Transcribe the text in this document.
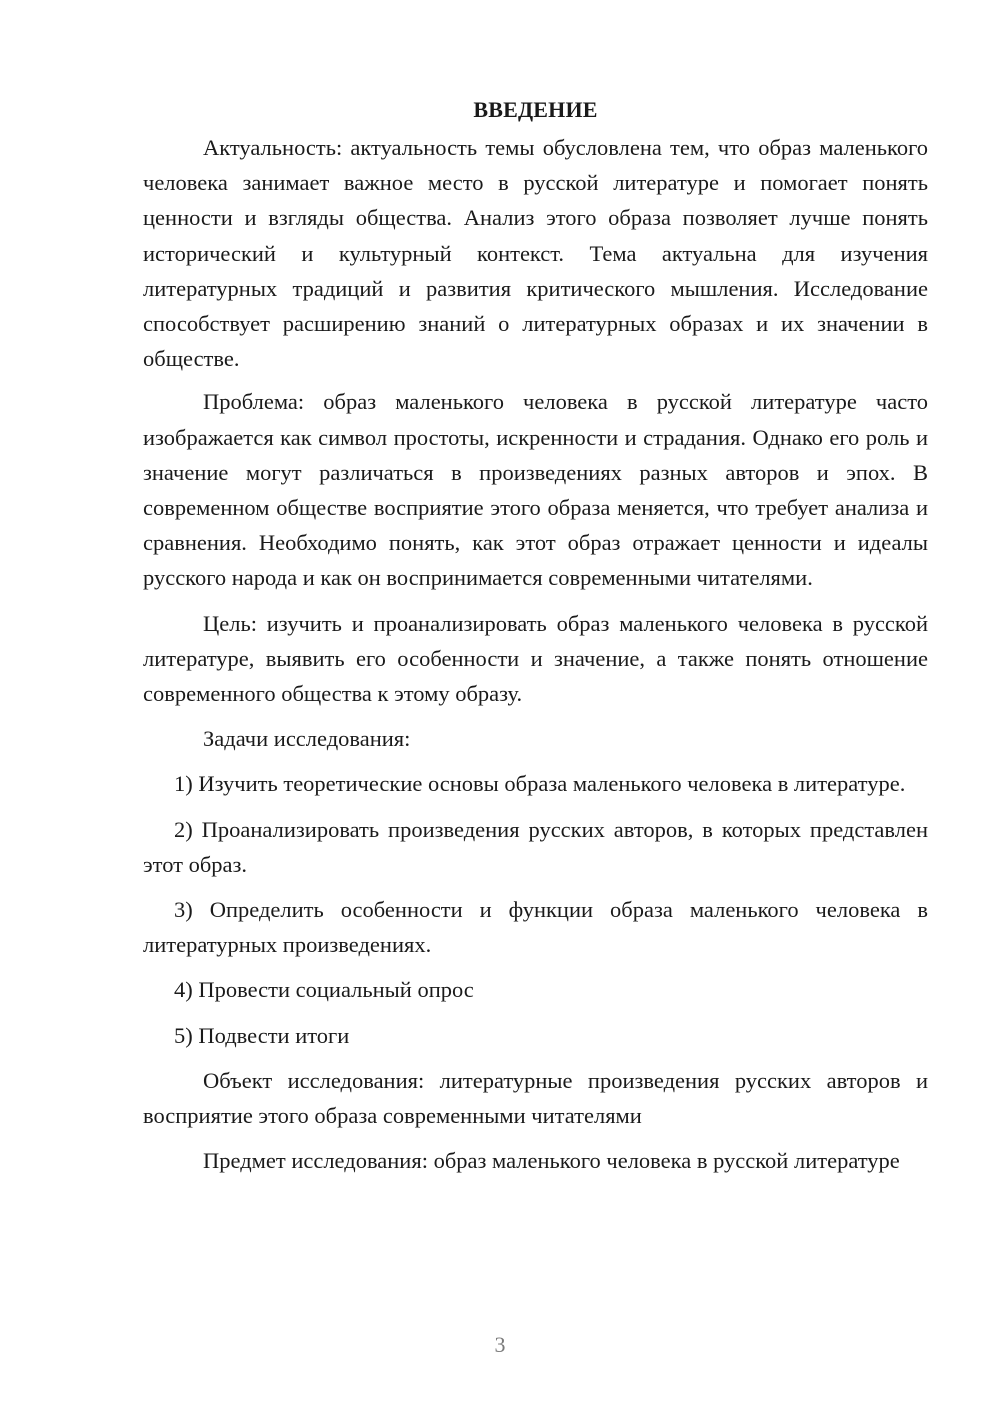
ВВЕДЕНИЕ

Актуальность: актуальность темы обусловлена тем, что образ маленького человека занимает важное место в русской литературе и помогает понять ценности и взгляды общества. Анализ этого образа позволяет лучше понять исторический и культурный контекст. Тема актуальна для изучения литературных традиций и развития критического мышления. Исследование способствует расширению знаний о литературных образах и их значении в обществе.

Проблема: образ маленького человека в русской литературе часто изображается как символ простоты, искренности и страдания. Однако его роль и значение могут различаться в произведениях разных авторов и эпох. В современном обществе восприятие этого образа меняется, что требует анализа и сравнения. Необходимо понять, как этот образ отражает ценности и идеалы русского народа и как он воспринимается современными читателями.

Цель: изучить и проанализировать образ маленького человека в русской литературе, выявить его особенности и значение, а также понять отношение современного общества к этому образу.

Задачи исследования:

1) Изучить теоретические основы образа маленького человека в литературе.

2) Проанализировать произведения русских авторов, в которых представлен этот образ.

3) Определить особенности и функции образа маленького человека в литературных произведениях.

4) Провести социальный опрос

5) Подвести итоги

Объект исследования: литературные произведения русских авторов и восприятие этого образа современными читателями

Предмет исследования: образ маленького человека в русской литературе

3
